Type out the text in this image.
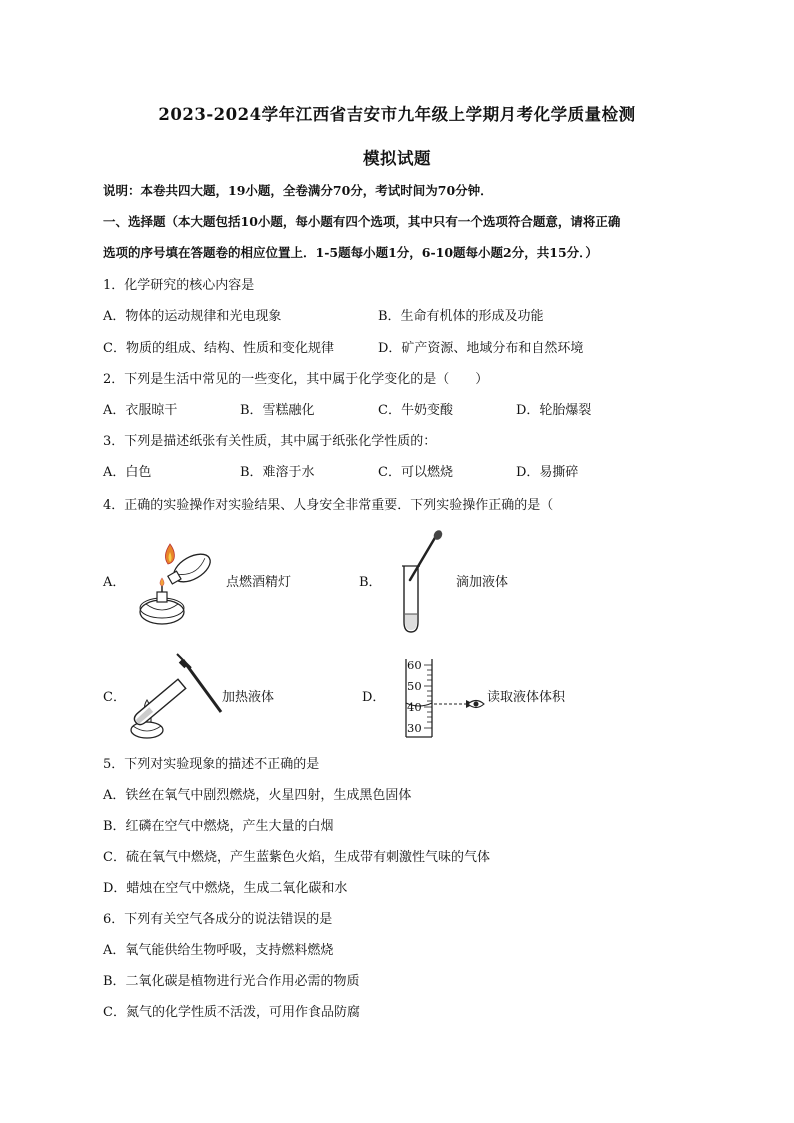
2023-2024学年江西省吉安市九年级上学期月考化学质量检测
模拟试题
说明：本卷共四大题，19小题，全卷满分70分，考试时间为70分钟．
一、选择题（本大题包括10小题，每小题有四个选项，其中只有一个选项符合题意，请将正确
选项的序号填在答题卷的相应位置上．1-5题每小题1分，6-10题每小题2分，共15分．）
1．化学研究的核心内容是
A．物体的运动规律和光电现象	B．生命有机体的形成及功能
C．物质的组成、结构、性质和变化规律	D．矿产资源、地域分布和自然环境
2．下列是生活中常见的一些变化，其中属于化学变化的是（　　）
A．衣服晾干	B．雪糕融化	C．牛奶变酸	D．轮胎爆裂
3．下列是描述纸张有关性质，其中属于纸张化学性质的：
A．白色	B．难溶于水	C．可以燃烧	D．易撕碎
4．正确的实验操作对实验结果、人身安全非常重要．下列实验操作正确的是（
A．	点燃酒精灯	B．	滴加液体
C．	加热液体	D．
60
50
40
30
读取液体体积
5．下列对实验现象的描述不正确的是
A．铁丝在氧气中剧烈燃烧，火星四射，生成黑色固体
B．红磷在空气中燃烧，产生大量的白烟
C．硫在氧气中燃烧，产生蓝紫色火焰，生成带有刺激性气味的气体
D．蜡烛在空气中燃烧，生成二氧化碳和水
6．下列有关空气各成分的说法错误的是
A．氧气能供给生物呼吸，支持燃料燃烧
B．二氧化碳是植物进行光合作用必需的物质
C．氮气的化学性质不活泼，可用作食品防腐
